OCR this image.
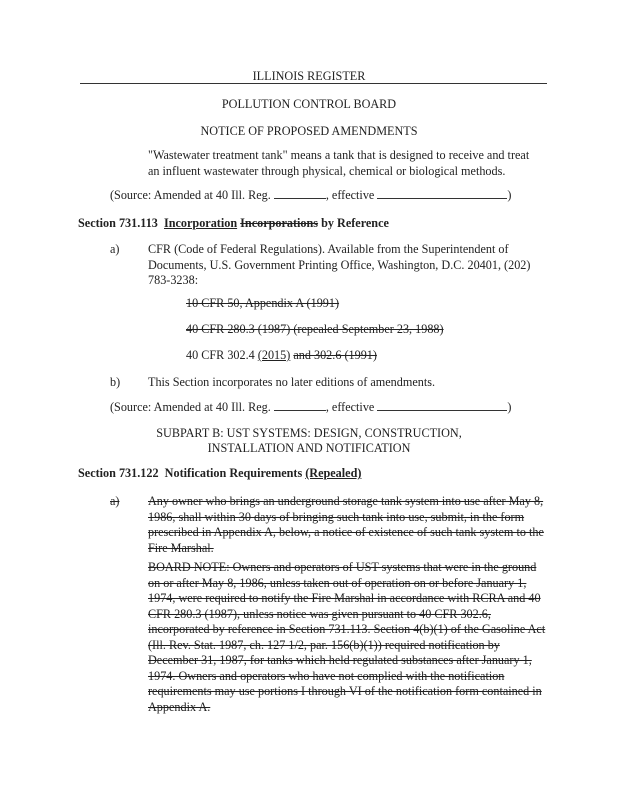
ILLINOIS REGISTER
POLLUTION CONTROL BOARD
NOTICE OF PROPOSED AMENDMENTS
"Wastewater treatment tank" means a tank that is designed to receive and treat an influent wastewater through physical, chemical or biological methods.
(Source: Amended at 40 Ill. Reg.	, effective	)
Section 731.113 Incorporation Incorporations by Reference
a) CFR (Code of Federal Regulations). Available from the Superintendent of Documents, U.S. Government Printing Office, Washington, D.C. 20401, (202) 783-3238:
10 CFR 50, Appendix A (1991)
40 CFR 280.3 (1987) (repealed September 23, 1988)
40 CFR 302.4 (2015) and 302.6 (1991)
b) This Section incorporates no later editions of amendments.
(Source: Amended at 40 Ill. Reg.	, effective	)
SUBPART B: UST SYSTEMS: DESIGN, CONSTRUCTION,
INSTALLATION AND NOTIFICATION
Section 731.122 Notification Requirements (Repealed)
a) Any owner who brings an underground storage tank system into use after May 8, 1986, shall within 30 days of bringing such tank into use, submit, in the form prescribed in Appendix A, below, a notice of existence of such tank system to the Fire Marshal.
BOARD NOTE: Owners and operators of UST systems that were in the ground on or after May 8, 1986, unless taken out of operation on or before January 1, 1974, were required to notify the Fire Marshal in accordance with RCRA and 40 CFR 280.3 (1987), unless notice was given pursuant to 40 CFR 302.6, incorporated by reference in Section 731.113. Section 4(b)(1) of the Gasoline Act (Ill. Rev. Stat. 1987, ch. 127 1/2, par. 156(b)(1)) required notification by December 31, 1987, for tanks which held regulated substances after January 1, 1974. Owners and operators who have not complied with the notification requirements may use portions I through VI of the notification form contained in Appendix A.
